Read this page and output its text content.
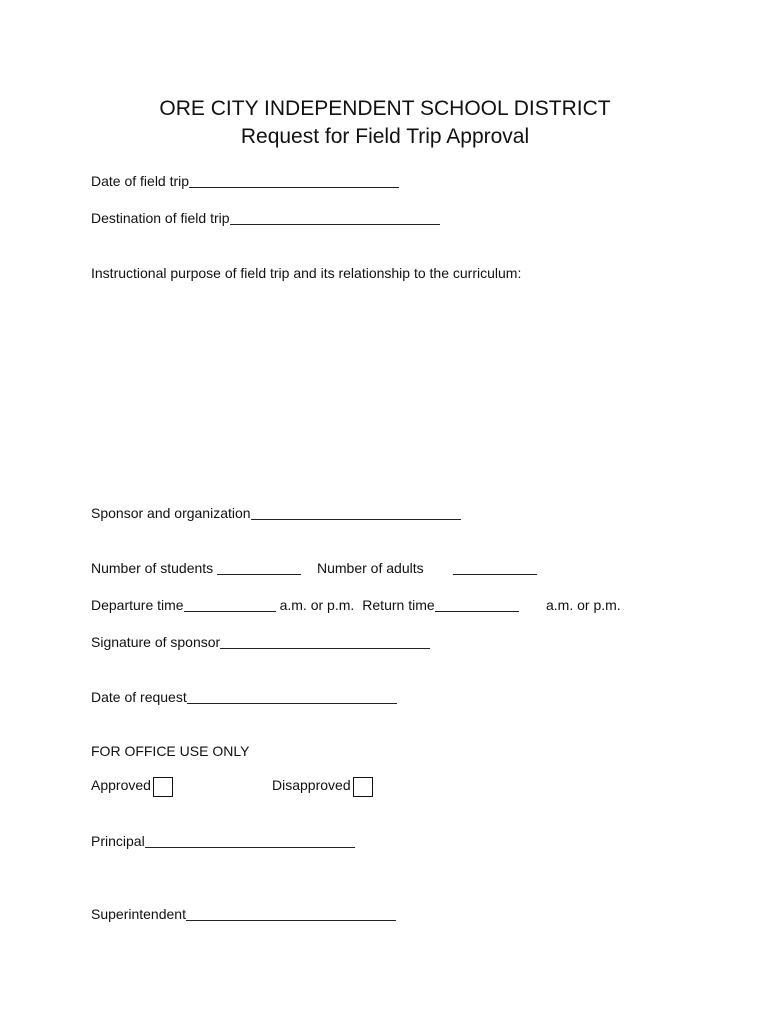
ORE CITY INDEPENDENT SCHOOL DISTRICT
Request for Field Trip Approval
Date of field trip
Destination of field trip
Instructional purpose of field trip and its relationship to the curriculum:
Sponsor and organization
Number of students	Number of adults
Departure time	a.m. or p.m. Return time	a.m. or p.m.
Signature of sponsor
Date of request
FOR OFFICE USE ONLY
Approved	Disapproved
Principal
Superintendent
